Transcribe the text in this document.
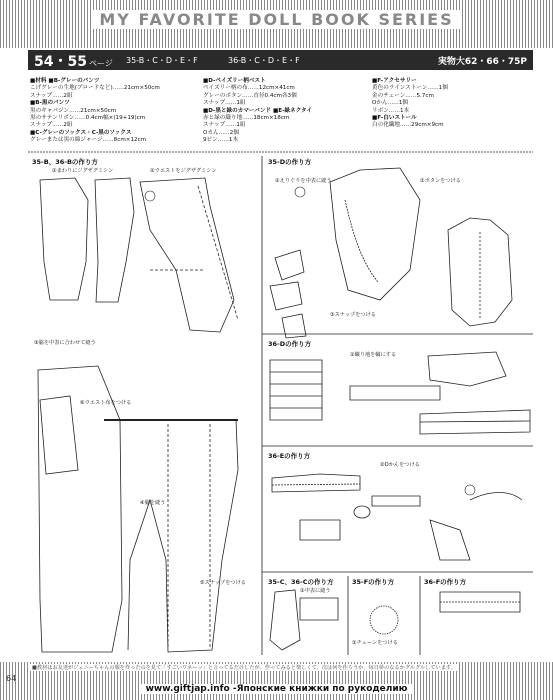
MY FAVORITE DOLL BOOK SERIES
54・55 ページ 35-B・C・D・E・F	36-B・C・D・E・F	実物大62・66・75P
■材料 ■B-グレーのパンツ
こげグレーの生地(ブロードなど)……21cm×50cm
スナップ……2組
■B-黒のパンツ
黒のギャバジン……21cm×50cm
黒のサテンリボン……0.4cm幅×(19+19)cm
スナップ……2組
■C-グレーのソックス・C-黒のソックス
グレーまたは黒の綿ジャージ……8cm×12cm
■D-ペイズリー柄ベスト
ペイズリー柄の布……12cm×41cm
グレーのボタン……直径0.4cm各3個
スナップ……1組
■D-黒と緑のカマーバンド ■E-緑ネクタイ
赤と緑の織り地……18cm×18cm
スナップ……1組
Oカん……2個
9ピン……1本
■F-アクセサリー
黄色のラインストーン……1個
金のチェーン……5.7cm
Oかん……1個
リボン……1本
■F-白いストール
白の化繊地……29cm×9cm
35-B、36-Bの作り方	35-Dの作り方
36-Dの作り方
36-Eの作り方
35-C、36-Cの作り方	35-Fの作り方	36-Fの作り方
①まわりにジグザグミシン	②ウエストをジグザグミシン
③脇を中表に合わせて縫う
⑥ウエスト布をつける
④脇を縫う
⑤スナップをつける
①えりぐりを中表に縫う	②ボタンをつける
③スナップをつける
①織り地を輪にする
②Oかんをつける
①中表に縫う
①チェーンをつける
■教材はお友達がジェニーちゃんの服を作ったのを見て「すごいワネーッ」と言ってるだけしたが、作ってみると楽しくて、次は何を作ろうか、毎日夢のなるかグルグルしています。
64
www.giftjap.info -Японские книжки по рукоделию
